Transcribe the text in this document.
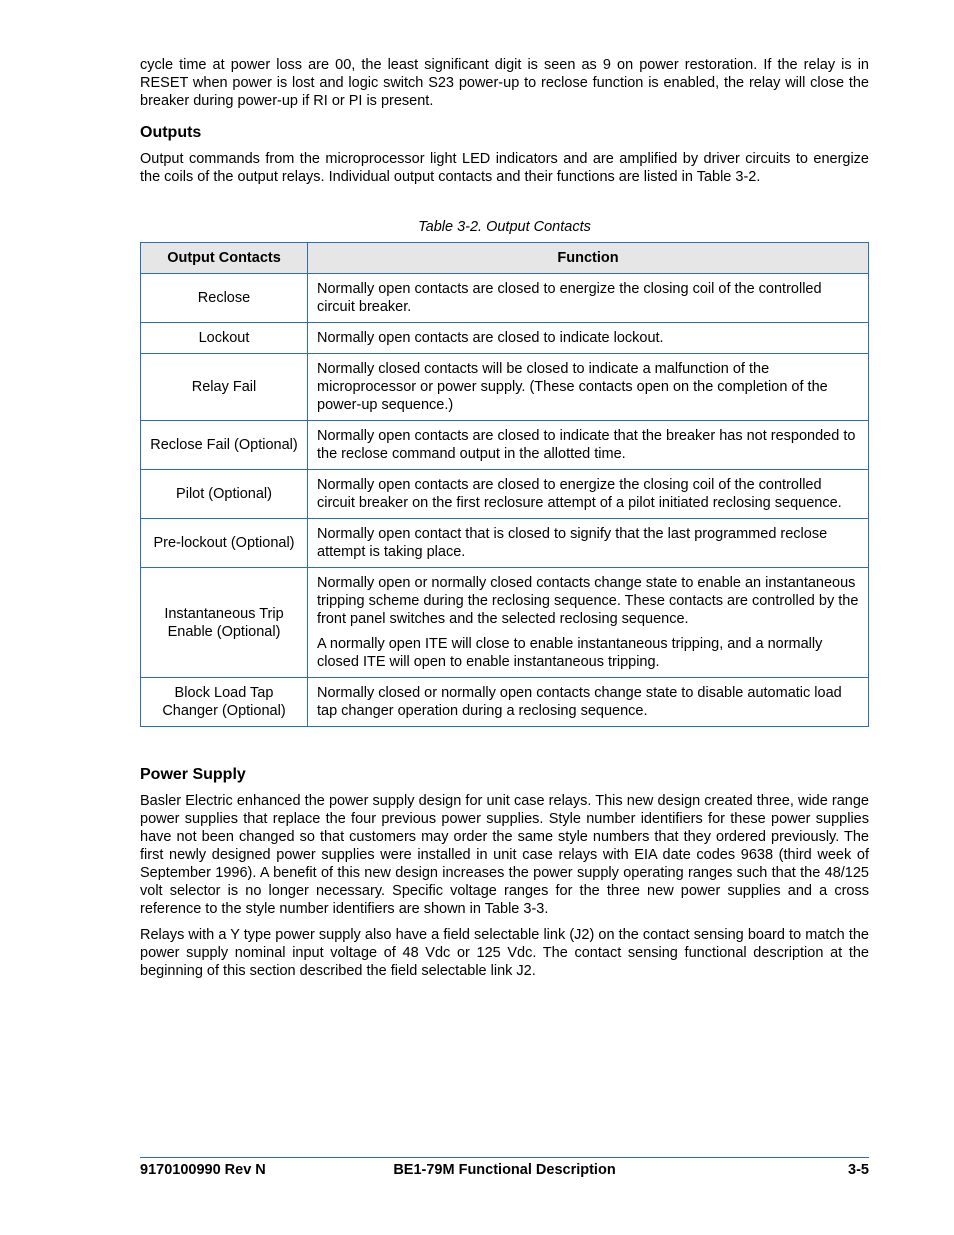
cycle time at power loss are 00, the least significant digit is seen as 9 on power restoration. If the relay is in RESET when power is lost and logic switch S23 power-up to reclose function is enabled, the relay will close the breaker during power-up if RI or PI is present.

Outputs

Output commands from the microprocessor light LED indicators and are amplified by driver circuits to energize the coils of the output relays. Individual output contacts and their functions are listed in Table 3-2.

Table 3-2. Output Contacts
Output Contacts	Function
Reclose	Normally open contacts are closed to energize the closing coil of the controlled circuit breaker.

Lockout	Normally open contacts are closed to indicate lockout.

Relay Fail	Normally closed contacts will be closed to indicate a malfunction of the microprocessor or power supply. (These contacts open on the completion of the power-up sequence.)

Reclose Fail (Optional)	Normally open contacts are closed to indicate that the breaker has not responded to the reclose command output in the allotted time.

Pilot (Optional)	Normally open contacts are closed to energize the closing coil of the controlled circuit breaker on the first reclosure attempt of a pilot initiated reclosing sequence.

Pre-lockout (Optional)	Normally open contact that is closed to signify that the last programmed reclose attempt is taking place.

Instantaneous Trip Enable (Optional)	Normally open or normally closed contacts change state to enable an instantaneous tripping scheme during the reclosing sequence. These contacts are controlled by the front panel switches and the selected reclosing sequence.
A normally open ITE will close to enable instantaneous tripping, and a normally closed ITE will open to enable instantaneous tripping.

Block Load Tap Changer (Optional)	Normally closed or normally open contacts change state to disable automatic load tap changer operation during a reclosing sequence.
Power Supply

Basler Electric enhanced the power supply design for unit case relays. This new design created three, wide range power supplies that replace the four previous power supplies. Style number identifiers for these power supplies have not been changed so that customers may order the same style numbers that they ordered previously. The first newly designed power supplies were installed in unit case relays with EIA date codes 9638 (third week of September 1996). A benefit of this new design increases the power supply operating ranges such that the 48/125 volt selector is no longer necessary. Specific voltage ranges for the three new power supplies and a cross reference to the style number identifiers are shown in Table 3-3.

Relays with a Y type power supply also have a field selectable link (J2) on the contact sensing board to match the power supply nominal input voltage of 48 Vdc or 125 Vdc. The contact sensing functional description at the beginning of this section described the field selectable link J2.

9170100990 Rev N	BE1-79M Functional Description	3-5
